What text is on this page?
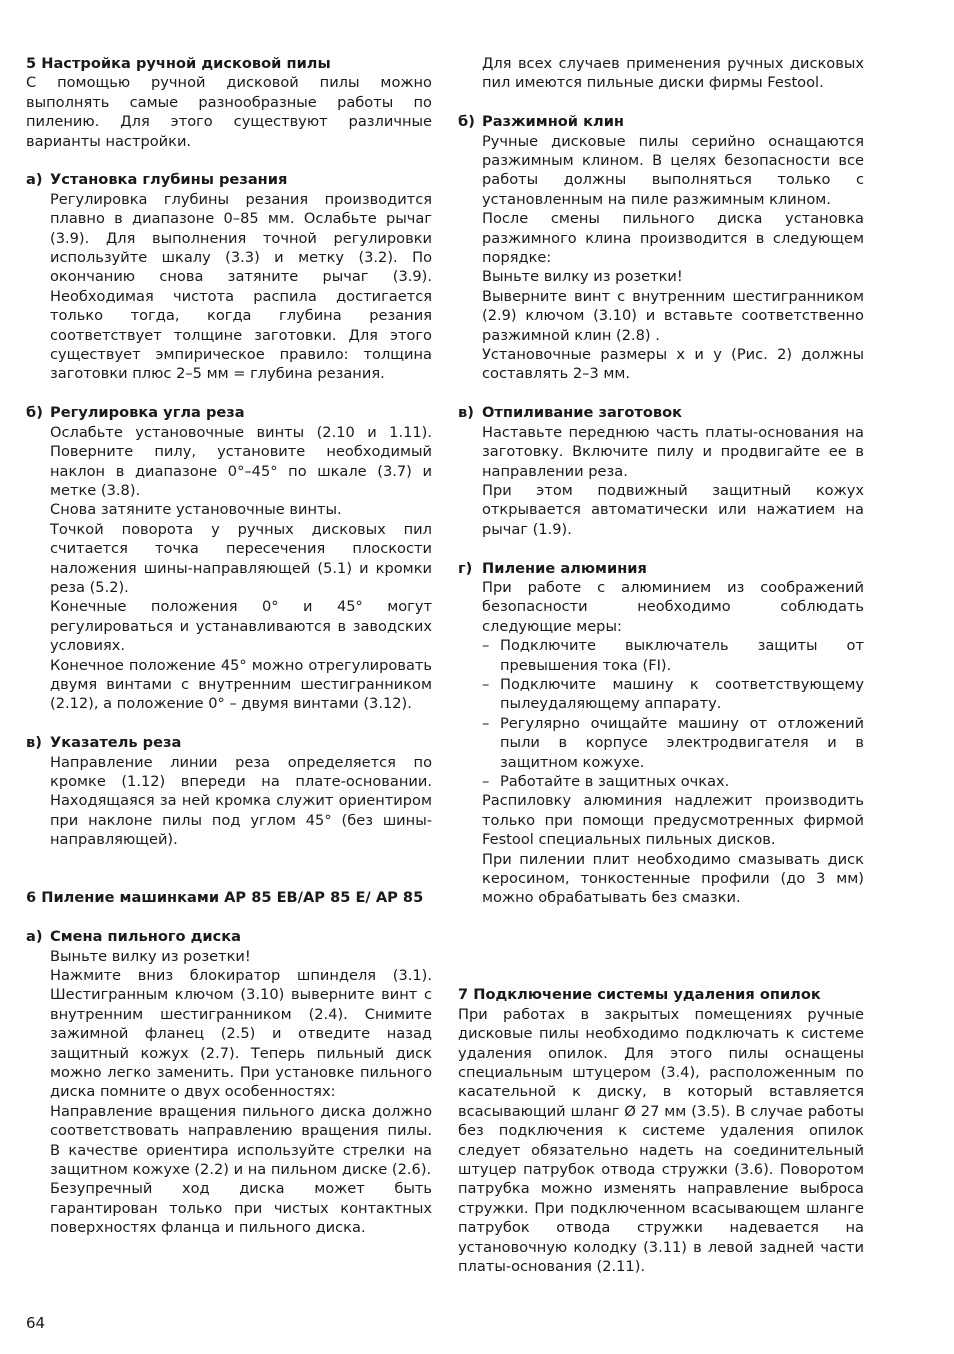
5 Настройка ручной дисковой пилы

С помощью ручной дисковой пилы можно выполнять самые разнообразные работы по пилению. Для этого существуют различные варианты настройки.

а) Установка глубины резания

Регулировка глубины резания производится плавно в диапазоне 0–85 мм. Ослабьте рычаг (3.9). Для выполнения точной регулировки используйте шкалу (3.3) и метку (3.2). По окончанию снова затяните рычаг (3.9). Необходимая чистота распила достигается только тогда, когда глубина резания соответствует толщине заготовки. Для этого существует эмпирическое правило: толщина заготовки плюс 2–5 мм = глубина резания.

б) Регулировка угла реза

Ослабьте установочные винты (2.10 и 1.11). Поверните пилу, установите необходимый наклон в диапазоне 0°–45° по шкале (3.7) и метке (3.8).

Снова затяните установочные винты.

Точкой поворота у ручных дисковых пил считается точка пересечения плоскости наложения шины-направляющей (5.1) и кромки реза (5.2).

Конечные положения 0° и 45° могут регулироваться и устанавливаются в заводских условиях.

Конечное положение 45° можно отрегулировать двумя винтами с внутренним шестигранником (2.12), а положение 0° – двумя винтами (3.12).

в) Указатель реза

Направление линии реза определяется по кромке (1.12) впереди на плате-основании. Находящаяся за ней кромка служит ориентиром при наклоне пилы под углом 45° (без шины-направляющей).

6 Пиление машинками AP 85 EB/AP 85 E/ AP 85
а) Смена пильного диска

Выньте вилку из розетки!

Нажмите вниз блокиратор шпинделя (3.1). Шестигранным ключом (3.10) выверните винт с внутренним шестигранником (2.4). Снимите зажимной фланец (2.5) и отведите назад защитный кожух (2.7). Теперь пильный диск можно легко заменить. При установке пильного диска помните о двух особенностях:

Направление вращения пильного диска должно соответствовать направлению вращения пилы. В качестве ориентира используйте стрелки на защитном кожухе (2.2) и на пильном диске (2.6).

Безупречный ход диска может быть гарантирован только при чистых контактных поверхностях фланца и пильного диска.

Для всех случаев применения ручных дисковых пил имеются пильные диски фирмы Festool.

б) Разжимной клин

Ручные дисковые пилы серийно оснащаются разжимным клином. В целях безопасности все работы должны выполняться только с установленным на пиле разжимным клином.

После смены пильного диска установка разжимного клина производится в следующем порядке:

Выньте вилку из розетки!

Выверните винт с внутренним шестигранником (2.9) ключом (3.10) и вставьте соответственно разжимной клин (2.8) .

Установочные размеры x и y (Рис. 2) должны составлять 2–3 мм.

в) Отпиливание заготовок

Наставьте переднюю часть платы-основания на заготовку. Включите пилу и продвигайте ее в направлении реза.

При этом подвижный защитный кожух открывается автоматически или нажатием на рычаг (1.9).

г) Пиление алюминия

При работе с алюминием из соображений безопасности необходимо соблюдать следующие меры:

– Подключите выключатель защиты от превышения тока (FI).
– Подключите машину к соответствующему пылеудаляющему аппарату.
– Регулярно очищайте машину от отложений пыли в корпусе электродвигателя и в защитном кожухе.
– Работайте в защитных очках.

Распиловку алюминия надлежит производить только при помощи предусмотренных фирмой Festool специальных пильных дисков.

При пилении плит необходимо смазывать диск керосином, тонкостенные профили (до 3 мм) можно обрабатывать без смазки.

7 Подключение системы удаления опилок

При работах в закрытых помещениях ручные дисковые пилы необходимо подключать к системе удаления опилок. Для этого пилы оснащены специальным штуцером (3.4), расположенным по касательной к диску, в который вставляется всасывающий шланг Ø 27 мм (3.5). В случае работы без подключения к системе удаления опилок следует обязательно надеть на соединительный штуцер патрубок отвода стружки (3.6). Поворотом патрубка можно изменять направление выброса стружки. При подключенном всасывающем шланге патрубок отвода стружки надевается на установочную колодку (3.11) в левой задней части платы-основания (2.11).

64
